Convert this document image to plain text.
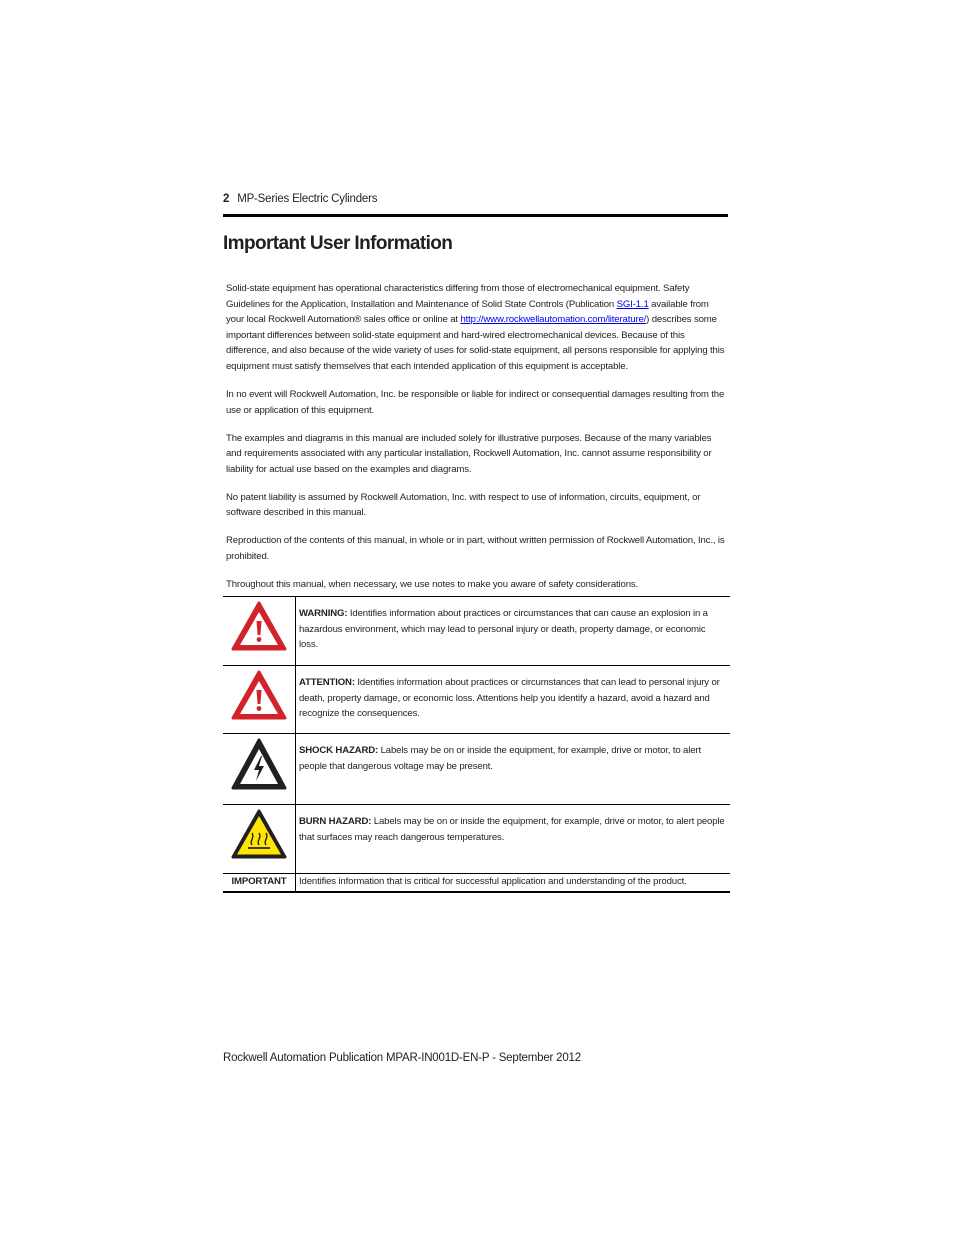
2 MP-Series Electric Cylinders
Important User Information

Solid-state equipment has operational characteristics differing from those of electromechanical equipment. Safety Guidelines for the Application, Installation and Maintenance of Solid State Controls (Publication SGI-1.1 available from your local Rockwell Automation® sales office or online at http://www.rockwellautomation.com/literature/) describes some important differences between solid-state equipment and hard-wired electromechanical devices. Because of this difference, and also because of the wide variety of uses for solid-state equipment, all persons responsible for applying this equipment must satisfy themselves that each intended application of this equipment is acceptable.

In no event will Rockwell Automation, Inc. be responsible or liable for indirect or consequential damages resulting from the use or application of this equipment.

The examples and diagrams in this manual are included solely for illustrative purposes. Because of the many variables and requirements associated with any particular installation, Rockwell Automation, Inc. cannot assume responsibility or liability for actual use based on the examples and diagrams.

No patent liability is assumed by Rockwell Automation, Inc. with respect to use of information, circuits, equipment, or software described in this manual.

Reproduction of the contents of this manual, in whole or in part, without written permission of Rockwell Automation, Inc., is prohibited.

Throughout this manual, when necessary, we use notes to make you aware of safety considerations.

	WARNING: Identifies information about practices or circumstances that can cause an explosion in a hazardous environment, which may lead to personal injury or death, property damage, or economic loss.

	ATTENTION: Identifies information about practices or circumstances that can lead to personal injury or death, property damage, or economic loss. Attentions help you identify a hazard, avoid a hazard and recognize the consequences.

	SHOCK HAZARD: Labels may be on or inside the equipment, for example, drive or motor, to alert people that dangerous voltage may be present.

	BURN HAZARD: Labels may be on or inside the equipment, for example, drive or motor, to alert people that surfaces may reach dangerous temperatures.
IMPORTANT	Identifies information that is critical for successful application and understanding of the product.
Rockwell Automation Publication MPAR-IN001D-EN-P - September 2012
